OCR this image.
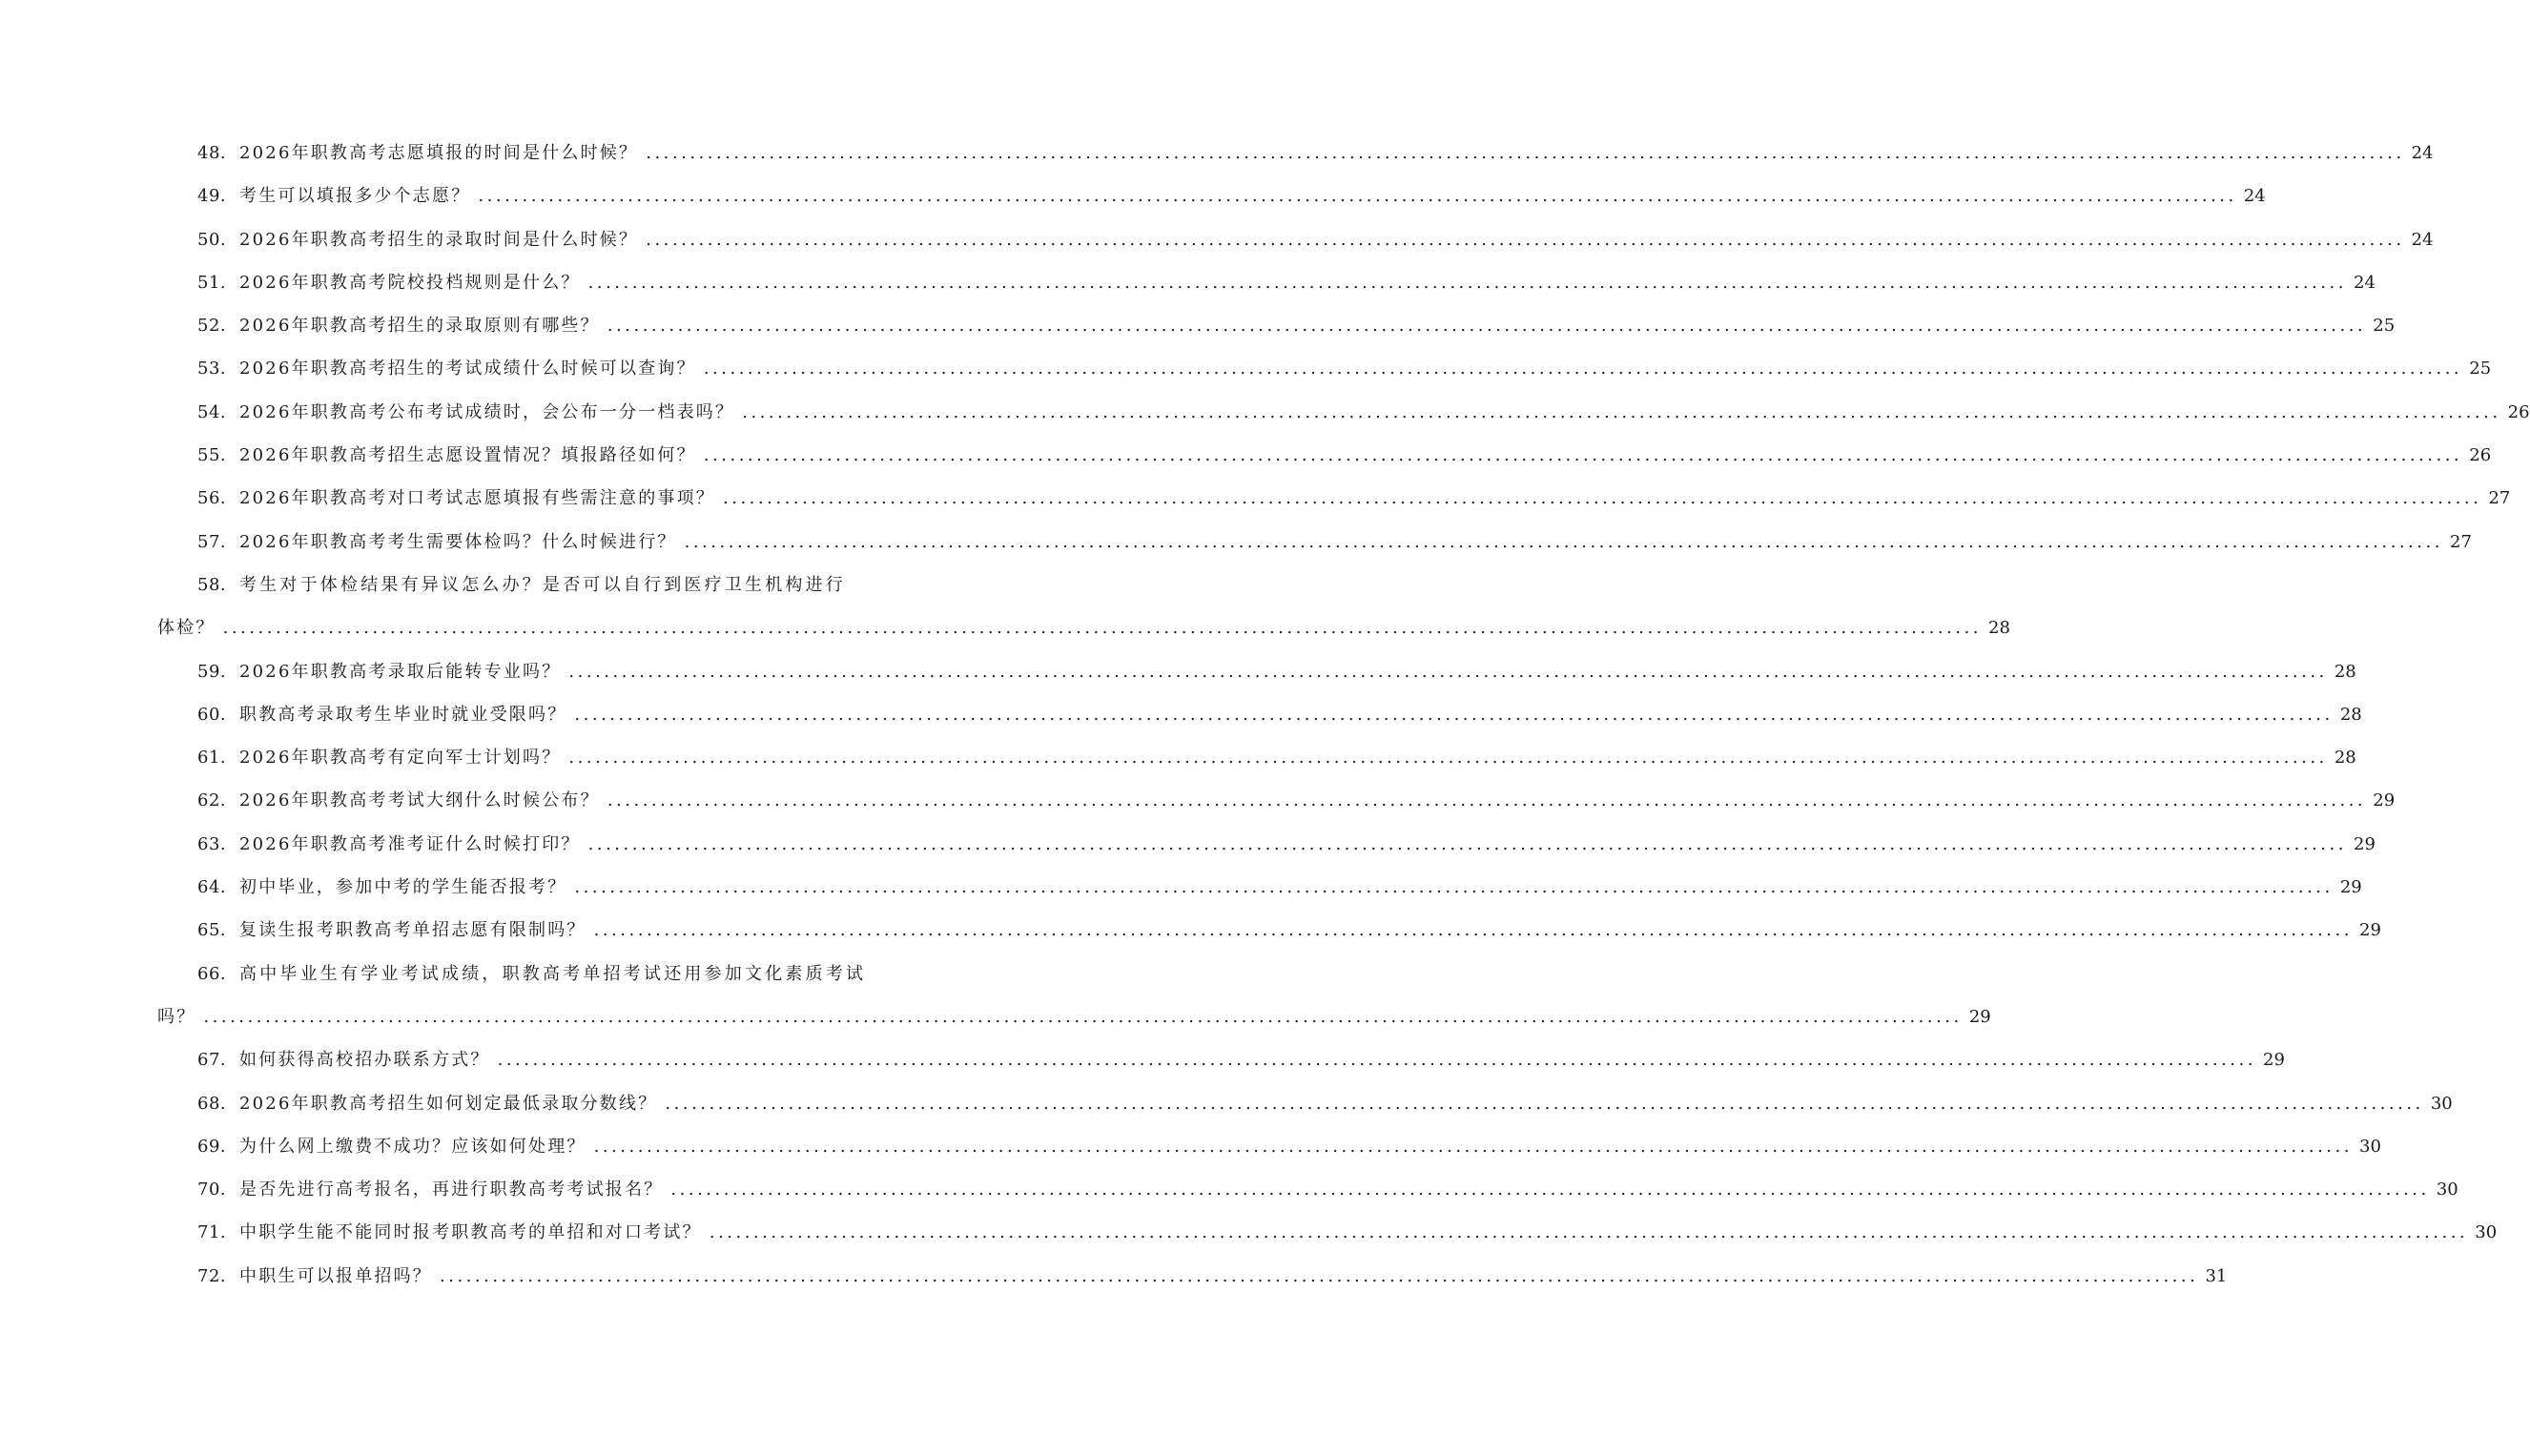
48. 2026年职教高考志愿填报的时间是什么时候？ ........................................................................................................................................................................................................ 24
49. 考生可以填报多少个志愿？ ........................................................................................................................................................................................................ 24
50. 2026年职教高考招生的录取时间是什么时候？ ........................................................................................................................................................................................................ 24
51. 2026年职教高考院校投档规则是什么？ ........................................................................................................................................................................................................ 24
52. 2026年职教高考招生的录取原则有哪些？ ........................................................................................................................................................................................................ 25
53. 2026年职教高考招生的考试成绩什么时候可以查询？ ........................................................................................................................................................................................................ 25
54. 2026年职教高考公布考试成绩时，会公布一分一档表吗？ ........................................................................................................................................................................................................ 26
55. 2026年职教高考招生志愿设置情况？填报路径如何？ ........................................................................................................................................................................................................ 26
56. 2026年职教高考对口考试志愿填报有些需注意的事项？ ........................................................................................................................................................................................................ 27
57. 2026年职教高考考生需要体检吗？什么时候进行？ ........................................................................................................................................................................................................ 27
58. 考生对于体检结果有异议怎么办？是否可以自行到医疗卫生机构进行
体检？ ........................................................................................................................................................................................................ 28
59. 2026年职教高考录取后能转专业吗？ ........................................................................................................................................................................................................ 28
60. 职教高考录取考生毕业时就业受限吗？ ........................................................................................................................................................................................................ 28
61. 2026年职教高考有定向军士计划吗？ ........................................................................................................................................................................................................ 28
62. 2026年职教高考考试大纲什么时候公布？ ........................................................................................................................................................................................................ 29
63. 2026年职教高考准考证什么时候打印？ ........................................................................................................................................................................................................ 29
64. 初中毕业，参加中考的学生能否报考？ ........................................................................................................................................................................................................ 29
65. 复读生报考职教高考单招志愿有限制吗？ ........................................................................................................................................................................................................ 29
66. 高中毕业生有学业考试成绩，职教高考单招考试还用参加文化素质考试
吗？ ........................................................................................................................................................................................................ 29
67. 如何获得高校招办联系方式？ ........................................................................................................................................................................................................ 29
68. 2026年职教高考招生如何划定最低录取分数线？ ........................................................................................................................................................................................................ 30
69. 为什么网上缴费不成功？应该如何处理？ ........................................................................................................................................................................................................ 30
70. 是否先进行高考报名，再进行职教高考考试报名？ ........................................................................................................................................................................................................ 30
71. 中职学生能不能同时报考职教高考的单招和对口考试？ ........................................................................................................................................................................................................ 30
72. 中职生可以报单招吗？ ........................................................................................................................................................................................................ 31
